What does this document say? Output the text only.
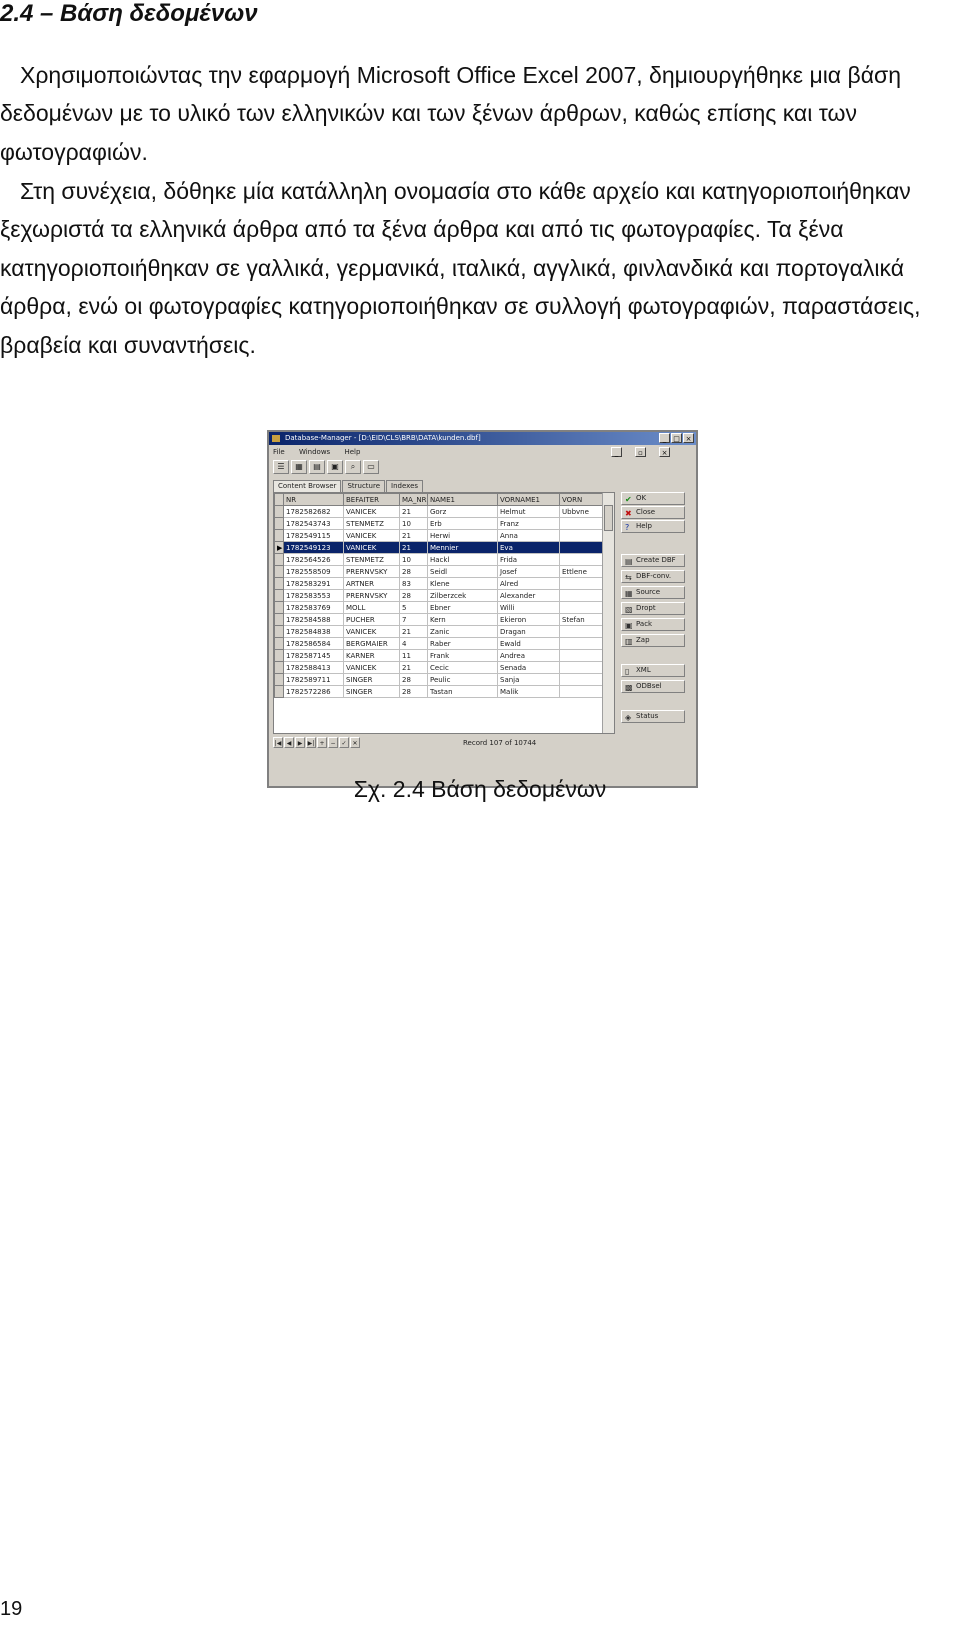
2.4 – Βάση δεδομένων

Χρησιμοποιώντας την εφαρμογή Microsoft Office Excel 2007, δημιουργήθηκε μια βάση δεδομένων με το υλικό των ελληνικών και των ξένων άρθρων, καθώς επίσης και των φωτογραφιών.

Στη συνέχεια, δόθηκε μία κατάλληλη ονομασία στο κάθε αρχείο και κατηγοριοποιήθηκαν ξεχωριστά τα ελληνικά άρθρα από τα ξένα άρθρα και από τις φωτογραφίες. Τα ξένα κατηγοριοποιήθηκαν σε γαλλικά, γερμανικά, ιταλικά, αγγλικά, φινλανδικά και πορτογαλικά άρθρα, ενώ οι φωτογραφίες κατηγοριοποιήθηκαν σε συλλογή φωτογραφιών, παραστάσεις, βραβεία και συναντήσεις.

Database-Manager - [D:\EID\CLS\BRB\DATA\kunden.dbf]	_ □ ×
File Windows Help	_	▫	×
☰ ▦ ▤ ▣ ⌕ ▭
Content Browser Structure Indexes
	NR	BEFAITER	MA_NR	NAME1	VORNAME1	VORN
	1782582682	VANICEK	21	Gorz	Helmut	Ubbvne
	1782543743	STENMETZ	10	Erb	Franz	
	1782549115	VANICEK	21	Herwi	Anna	
▶	1782549123	VANICEK	21	Mennier	Eva	
	1782564526	STENMETZ	10	Hackl	Frida	
	1782558509	PRERNVSKY	28	Seidl	Josef	Ettlene
	1782583291	ARTNER	83	Klene	Alred	
	1782583553	PRERNVSKY	28	Zilberzcek	Alexander	
	1782583769	MOLL	5	Ebner	Willi	
	1782584588	PUCHER	7	Kern	Ekieron	Stefan
	1782584838	VANICEK	21	Zanic	Dragan	
	1782586584	BERGMAIER	4	Raber	Ewald	
	1782587145	KARNER	11	Frank	Andrea	
	1782588413	VANICEK	21	Cecic	Senada	
	1782589711	SINGER	28	Peulic	Sanja	
	1782572286	SINGER	28	Tastan	Malik	
|◀ ◀ ▶ ▶| + − ✓ ✕	Record 107 of 10744
✔ OK
✖ Close
? Help
▤ Create DBF
⇆ DBF-conv.
▦ Source
▧ Dropt
▣ Pack
▥ Zap
▯ XML
▩ ODBsel
◈ Status

Σχ. 2.4 Βάση δεδομένων

19
